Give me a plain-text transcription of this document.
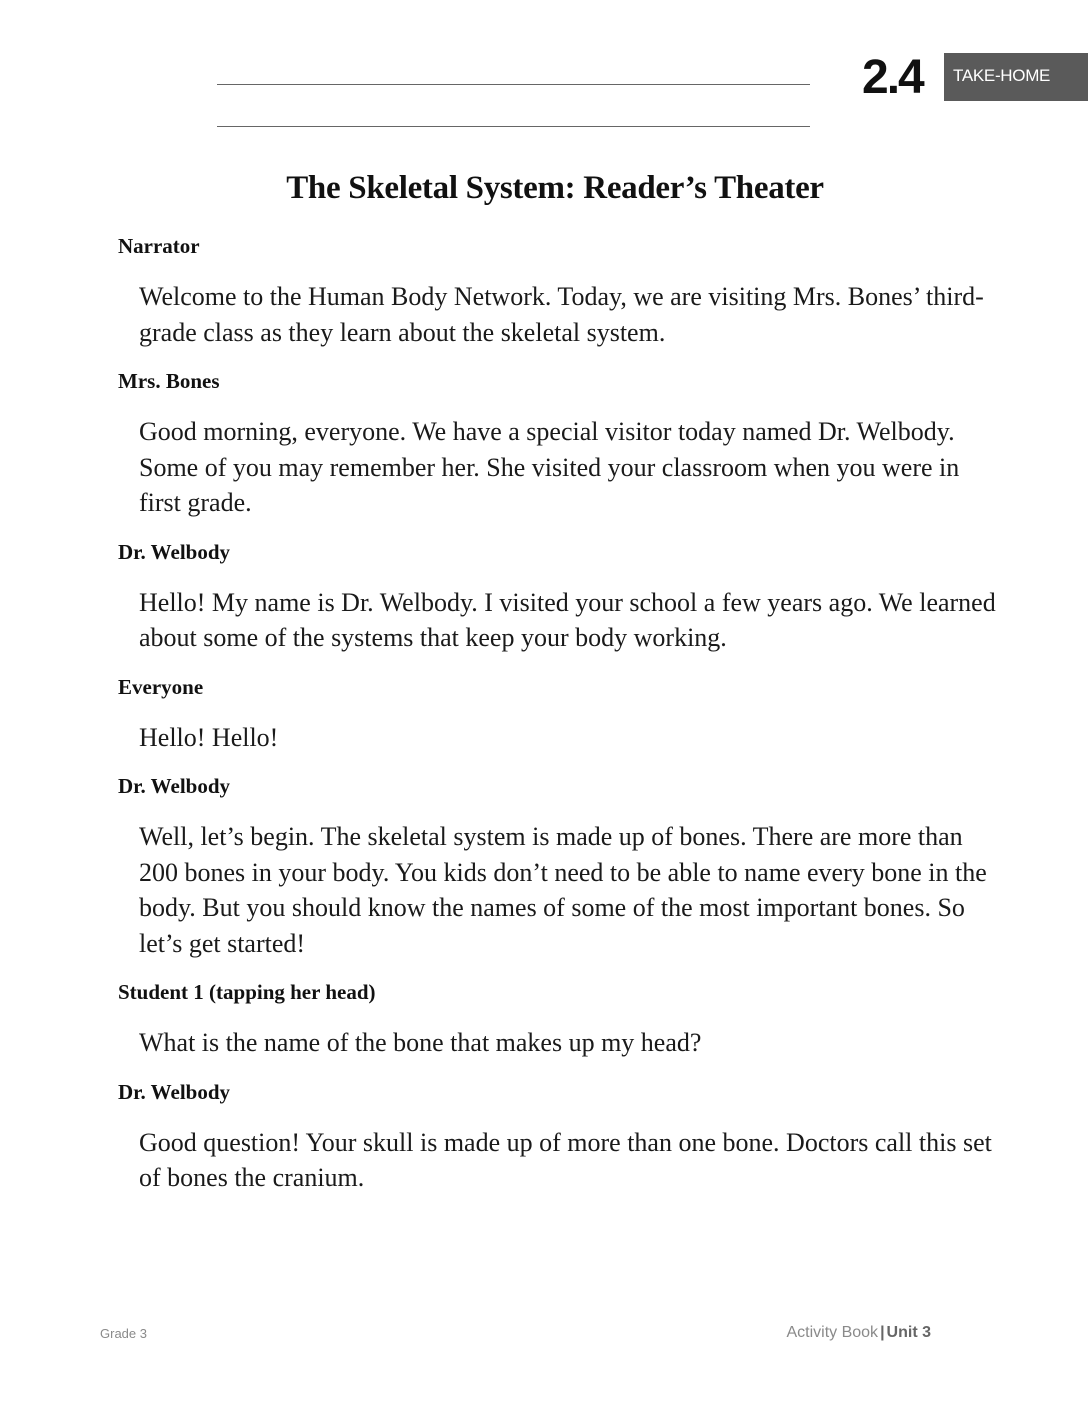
2.4 TAKE-HOME
The Skeletal System: Reader’s Theater

Narrator

Welcome to the Human Body Network. Today, we are visiting Mrs. Bones’ third-grade class as they learn about the skeletal system.

Mrs. Bones

Good morning, everyone. We have a special visitor today named Dr. Welbody. Some of you may remember her. She visited your classroom when you were in first grade.

Dr. Welbody

Hello! My name is Dr. Welbody. I visited your school a few years ago. We learned about some of the systems that keep your body working.

Everyone

Hello! Hello!

Dr. Welbody

Well, let’s begin. The skeletal system is made up of bones. There are more than 200 bones in your body. You kids don’t need to be able to name every bone in the body. But you should know the names of some of the most important bones. So let’s get started!

Student 1 (tapping her head)

What is the name of the bone that makes up my head?

Dr. Welbody

Good question! Your skull is made up of more than one bone. Doctors call this set of bones the cranium.

Grade 3	Activity Book | Unit 3
